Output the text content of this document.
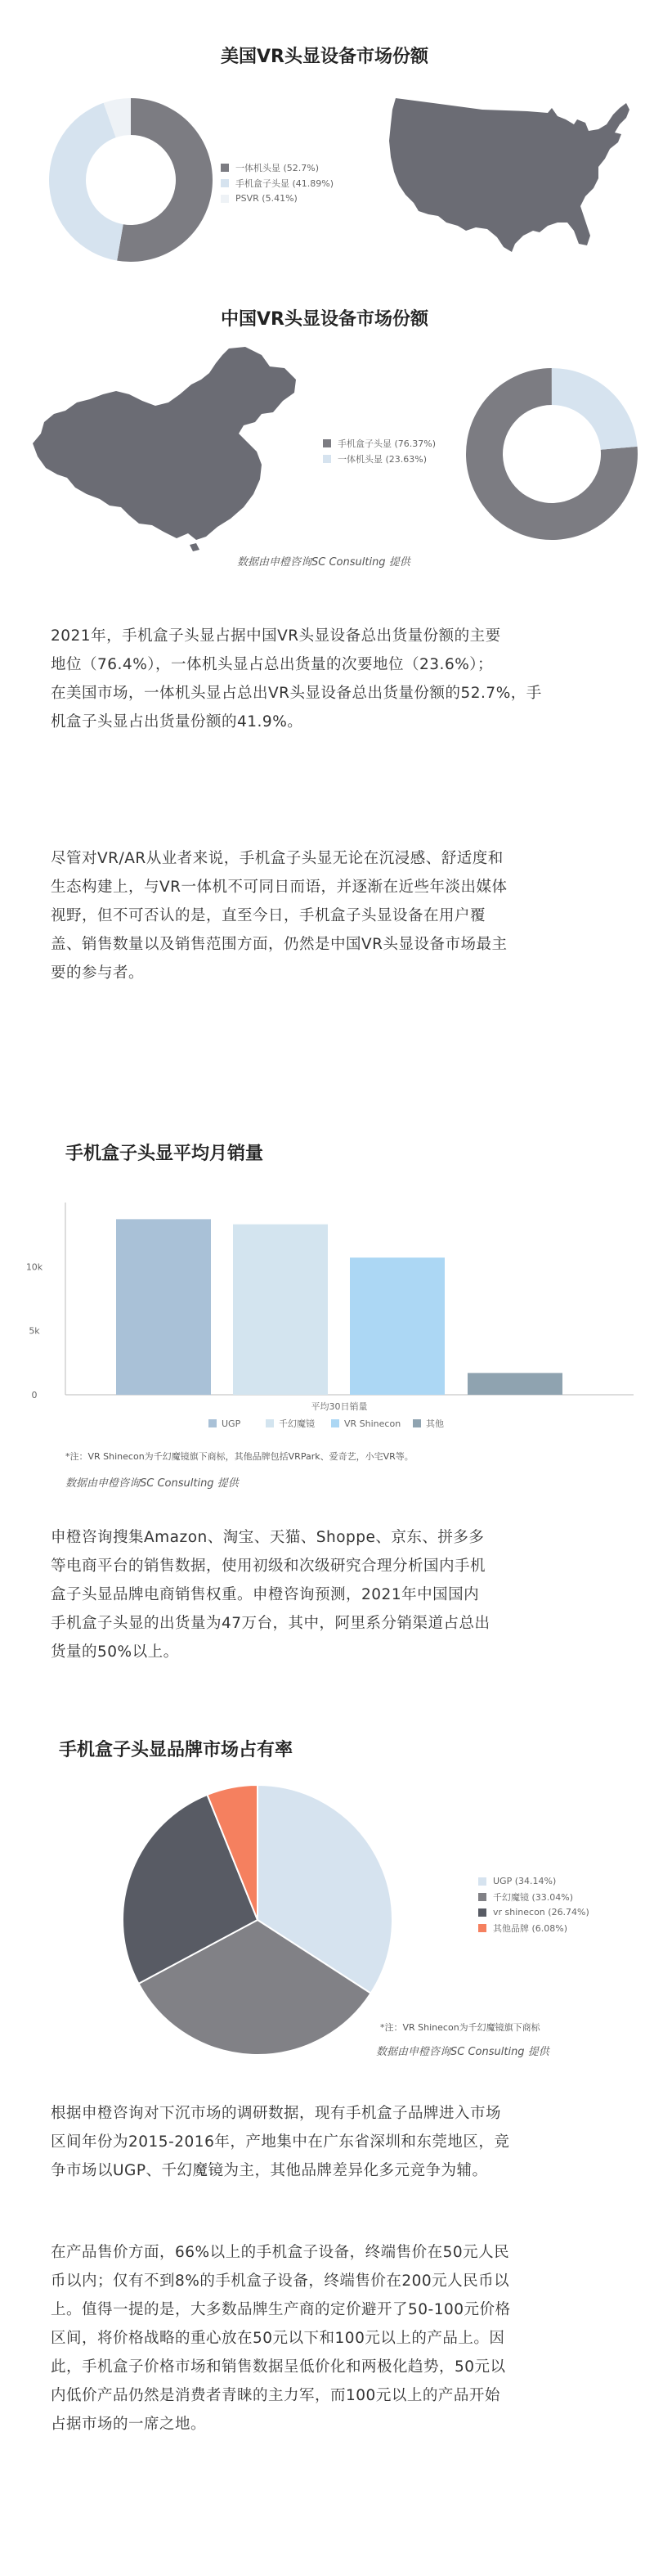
美国VR头显设备市场份额
一体机头显 (52.7%)
手机盒子头显 (41.89%)
PSVR (5.41%)
中国VR头显设备市场份额
手机盒子头显 (76.37%)
一体机头显 (23.63%)
数据由申橙咨询SC Consulting 提供
2021年，手机盒子头显占据中国VR头显设备总出货量份额的主要
地位（76.4%），一体机头显占总出货量的次要地位（23.6%）；
在美国市场，一体机头显占总出VR头显设备总出货量份额的52.7%，手
机盒子头显占出货量份额的41.9%。
尽管对VR/AR从业者来说，手机盒子头显无论在沉浸感、舒适度和
生态构建上，与VR一体机不可同日而语，并逐渐在近些年淡出媒体
视野，但不可否认的是，直至今日，手机盒子头显设备在用户覆
盖、销售数量以及销售范围方面，仍然是中国VR头显设备市场最主
要的参与者。
手机盒子头显平均月销量
0
5k
10k
平均30日销量
UGP	千幻魔镜	VR Shinecon	其他
*注：VR Shinecon为千幻魔镜旗下商标，其他品牌包括VRPark、爱奇艺，小宅VR等。
数据由申橙咨询SC Consulting 提供
申橙咨询搜集Amazon、淘宝、天猫、Shoppe、京东、拼多多
等电商平台的销售数据，使用初级和次级研究合理分析国内手机
盒子头显品牌电商销售权重。申橙咨询预测，2021年中国国内
手机盒子头显的出货量为47万台，其中，阿里系分销渠道占总出
货量的50%以上。
手机盒子头显品牌市场占有率
UGP (34.14%)
千幻魔镜 (33.04%)
vr shinecon (26.74%)
其他品牌 (6.08%)
*注：VR Shinecon为千幻魔镜旗下商标
数据由申橙咨询SC Consulting 提供
根据申橙咨询对下沉市场的调研数据，现有手机盒子品牌进入市场
区间年份为2015-2016年，产地集中在广东省深圳和东莞地区，竞
争市场以UGP、千幻魔镜为主，其他品牌差异化多元竞争为辅。
在产品售价方面，66%以上的手机盒子设备，终端售价在50元人民
币以内；仅有不到8%的手机盒子设备，终端售价在200元人民币以
上。值得一提的是，大多数品牌生产商的定价避开了50-100元价格
区间，将价格战略的重心放在50元以下和100元以上的产品上。因
此，手机盒子价格市场和销售数据呈低价化和两极化趋势，50元以
内低价产品仍然是消费者青睐的主力军，而100元以上的产品开始
占据市场的一席之地。
